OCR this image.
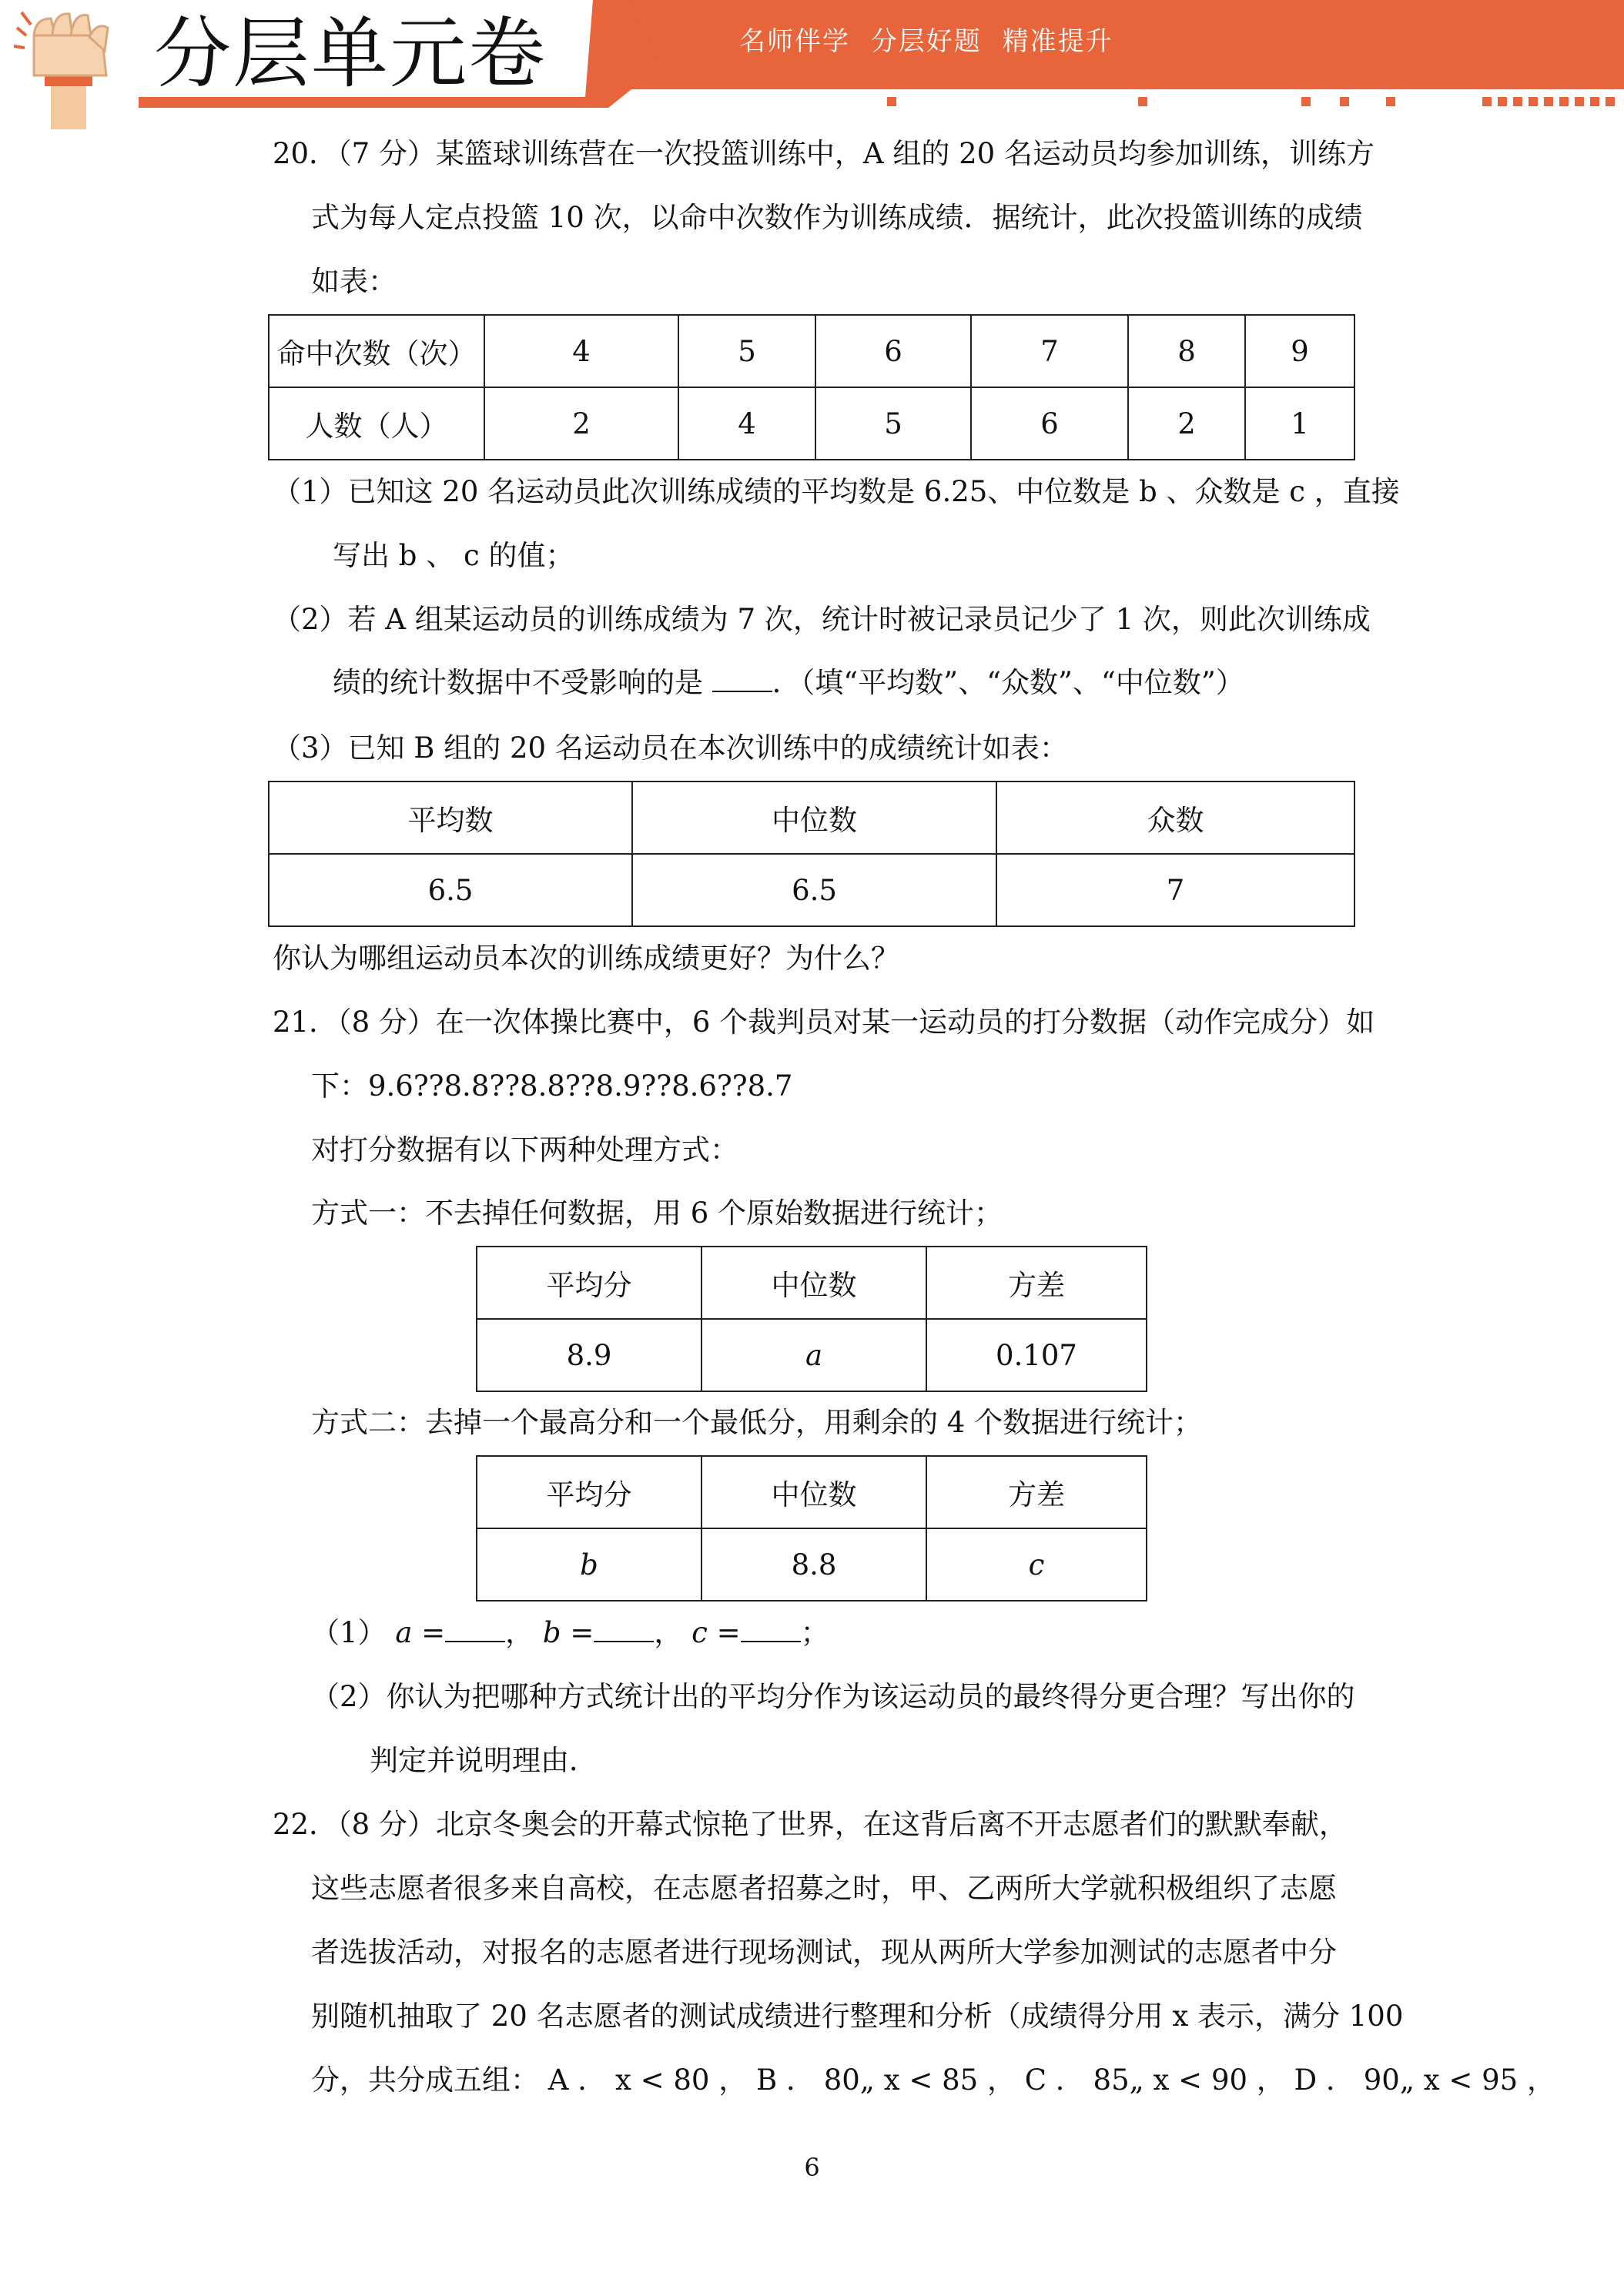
分层单元卷	名师伴学 分层好题 精准提升

20．（7 分）某篮球训练营在一次投篮训练中，A 组的 20 名运动员均参加训练，训练方

式为每人定点投篮 10 次，以命中次数作为训练成绩．据统计，此次投篮训练的成绩

如表：

命中次数（次）	4	5	6	7	8	9
人数（人）	2	4	5	6	2	1

（1）已知这 20 名运动员此次训练成绩的平均数是 6.25、中位数是 b 、众数是 c ，直接

写出 b 、 c 的值；

（2）若 A 组某运动员的训练成绩为 7 次，统计时被记录员记少了 1 次，则此次训练成

绩的统计数据中不受影响的是 ．（填“平均数”、“众数”、“中位数”）

（3）已知 B 组的 20 名运动员在本次训练中的成绩统计如表：

平均数	中位数	众数
6.5	6.5	7

你认为哪组运动员本次的训练成绩更好？为什么？

21．（8 分）在一次体操比赛中，6 个裁判员对某一运动员的打分数据（动作完成分）如

下：9.6??8.8??8.8??8.9??8.6??8.7

对打分数据有以下两种处理方式：

方式一：不去掉任何数据，用 6 个原始数据进行统计；

平均分	中位数	方差
8.9	a	0.107

方式二：去掉一个最高分和一个最低分，用剩余的 4 个数据进行统计；

平均分	中位数	方差
b	8.8	c

（1） a = ， b = ， c = ；

（2）你认为把哪种方式统计出的平均分作为该运动员的最终得分更合理？写出你的

判定并说明理由．

22．（8 分）北京冬奥会的开幕式惊艳了世界，在这背后离不开志愿者们的默默奉献，

这些志愿者很多来自高校，在志愿者招募之时，甲、乙两所大学就积极组织了志愿

者选拔活动，对报名的志愿者进行现场测试，现从两所大学参加测试的志愿者中分

别随机抽取了 20 名志愿者的测试成绩进行整理和分析（成绩得分用 x 表示，满分 100

分，共分成五组： A ． x < 80 ， B ． 80„ x < 85 ， C ． 85„ x < 90 ， D ． 90„ x < 95 ，

6
